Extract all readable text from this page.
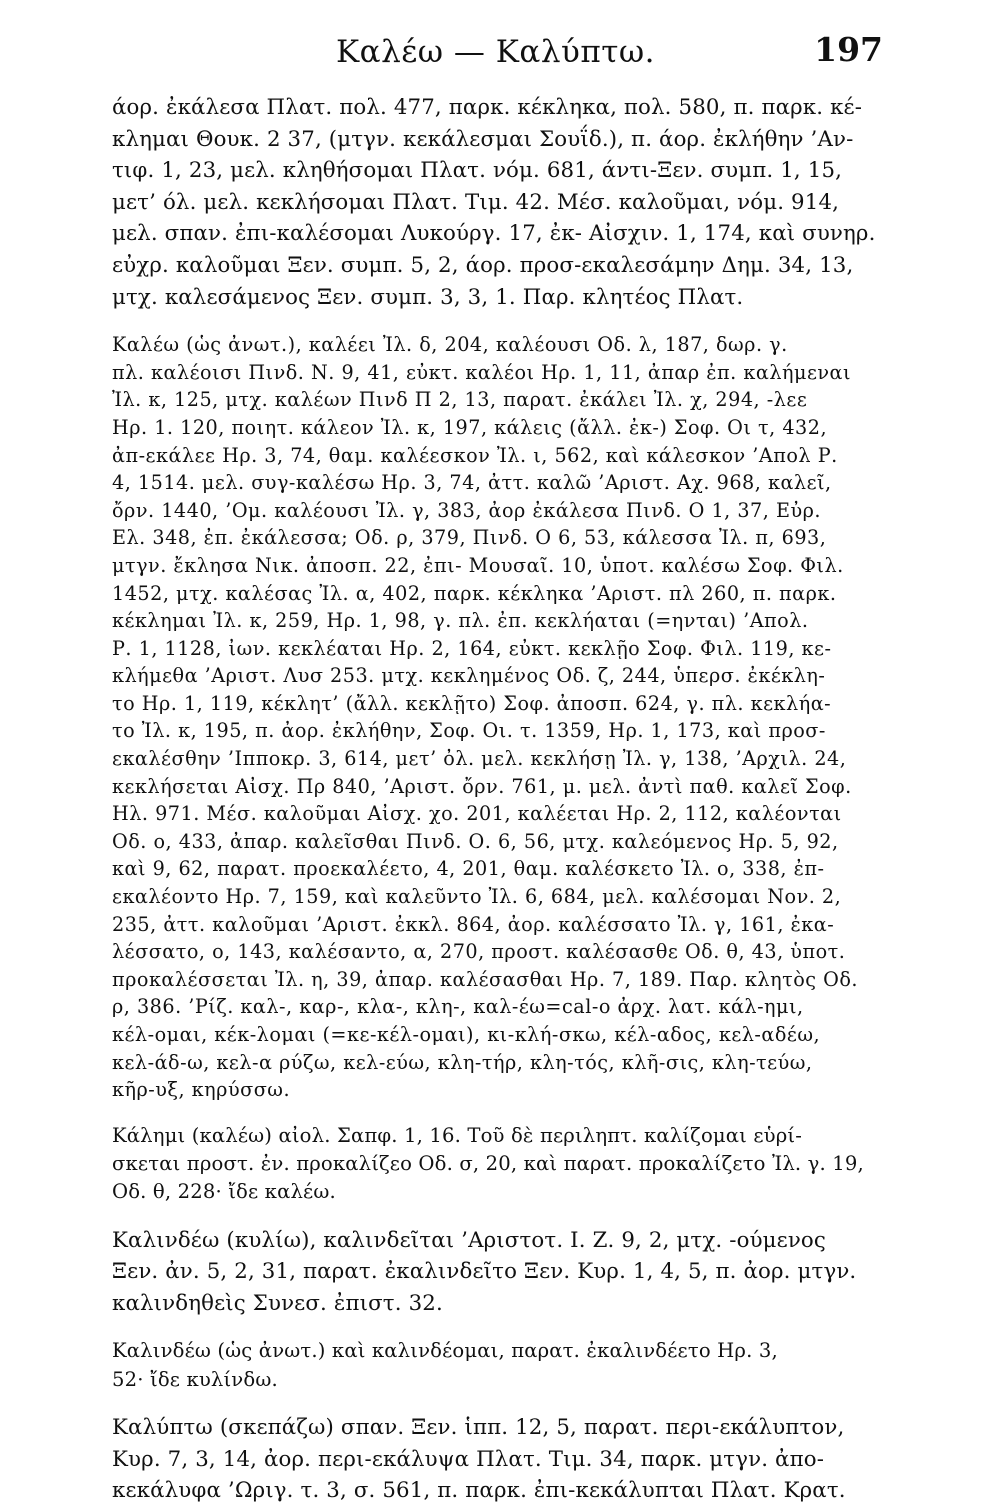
Καλέω — Καλύπτω.	197
άορ. ἐκάλεσα Πλατ. πολ. 477, παρκ. κέκληκα, πολ. 580, π. παρκ. κέ-
κλημαι Θουκ. 2 37, (μτγν. κεκάλεσμαι Σουΐδ.), π. άορ. ἐκλήθην ’Αν-
τιφ. 1, 23, μελ. κληθήσομαι Πλατ. νόμ. 681, άντι-Ξεν. συμπ. 1, 15,
μετ’ όλ. μελ. κεκλήσομαι Πλατ. Τιμ. 42. Μέσ. καλοῦμαι, νόμ. 914,
μελ. σπαν. ἐπι-καλέσομαι Λυκούργ. 17, ἐκ- Αἰσχιν. 1, 174, καὶ συνηρ.
εὐχρ. καλοῦμαι Ξεν. συμπ. 5, 2, άορ. προσ-εκαλεσάμην Δημ. 34, 13,
μτχ. καλεσάμενος Ξεν. συμπ. 3, 3, 1. Παρ. κλητέος Πλατ.
Καλέω (ὡς ἀνωτ.), καλέει Ἰλ. δ, 204, καλέουσι Οδ. λ, 187, δωρ. γ.
πλ. καλέοισι Πινδ. Ν. 9, 41, εὐκτ. καλέοι Ηρ. 1, 11, ἀπαρ ἐπ. καλήμεναι
Ἰλ. κ, 125, μτχ. καλέων Πινδ Π 2, 13, παρατ. ἐκάλει Ἰλ. χ, 294, -λεε
Ηρ. 1. 120, ποιητ. κάλεον Ἰλ. κ, 197, κάλεις (ἄλλ. ἐκ-) Σοφ. Οι τ, 432,
ἀπ-εκάλεε Ηρ. 3, 74, θαμ. καλέεσκον Ἰλ. ι, 562, καὶ κάλεσκον ’Απολ Ρ.
4, 1514. μελ. συγ-καλέσω Ηρ. 3, 74, ἀττ. καλῶ ’Αριστ. Αχ. 968, καλεῖ,
ὄρν. 1440, ’Ομ. καλέουσι Ἰλ. γ, 383, ἀορ ἐκάλεσα Πινδ. Ο 1, 37, Εὐρ.
Ελ. 348, ἐπ. ἐκάλεσσα; Οδ. ρ, 379, Πινδ. Ο 6, 53, κάλεσσα Ἰλ. π, 693,
μτγν. ἔκλησα Νικ. ἀποσπ. 22, ἐπι- Μουσαῖ. 10, ὑποτ. καλέσω Σοφ. Φιλ.
1452, μτχ. καλέσας Ἰλ. α, 402, παρκ. κέκληκα ’Αριστ. πλ 260, π. παρκ.
κέκλημαι Ἰλ. κ, 259, Ηρ. 1, 98, γ. πλ. ἐπ. κεκλήαται (=ηνται) ’Απολ.
Ρ. 1, 1128, ἰων. κεκλέαται Ηρ. 2, 164, εὐκτ. κεκλῇο Σοφ. Φιλ. 119, κε-
κλήμεθα ’Αριστ. Λυσ 253. μτχ. κεκλημένος Οδ. ζ, 244, ὑπερσ. ἐκέκλη-
το Ηρ. 1, 119, κέκλητ’ (ἄλλ. κεκλῇτο) Σοφ. ἀποσπ. 624, γ. πλ. κεκλήα-
το Ἰλ. κ, 195, π. ἀορ. ἐκλήθην, Σοφ. Οι. τ. 1359, Ηρ. 1, 173, καὶ προσ-
εκαλέσθην ’Ιπποκρ. 3, 614, μετ’ ὀλ. μελ. κεκλήσῃ Ἰλ. γ, 138, ’Αρχιλ. 24,
κεκλήσεται Αἰσχ. Πρ 840, ’Αριστ. ὄρν. 761, μ. μελ. ἀντὶ παθ. καλεῖ Σοφ.
Ηλ. 971. Μέσ. καλοῦμαι Αἰσχ. χο. 201, καλέεται Ηρ. 2, 112, καλέονται
Οδ. ο, 433, ἀπαρ. καλεῖσθαι Πινδ. Ο. 6, 56, μτχ. καλεόμενος Ηρ. 5, 92,
καὶ 9, 62, παρατ. προεκαλέετο, 4, 201, θαμ. καλέσκετο Ἰλ. ο, 338, ἐπ-
εκαλέοντο Ηρ. 7, 159, καὶ καλεῦντο Ἰλ. 6, 684, μελ. καλέσομαι Νον. 2,
235, ἀττ. καλοῦμαι ’Αριστ. ἐκκλ. 864, ἀορ. καλέσσατο Ἰλ. γ, 161, ἐκα-
λέσσατο, ο, 143, καλέσαντο, α, 270, προστ. καλέσασθε Οδ. θ, 43, ὑποτ.
προκαλέσσεται Ἰλ. η, 39, ἀπαρ. καλέσασθαι Ηρ. 7, 189. Παρ. κλητὸς Οδ.
ρ, 386. ’Ρίζ. καλ-, καρ-, κλα-, κλη-, καλ-έω=cal-o ἀρχ. λατ. κάλ-ημι,
κέλ-ομαι, κέκ-λομαι (=κε-κέλ-ομαι), κι-κλή-σκω, κέλ-αδος, κελ-αδέω,
κελ-άδ-ω, κελ-α ρύζω, κελ-εύω, κλη-τήρ, κλη-τός, κλῆ-σις, κλη-τεύω,
κῆρ-υξ, κηρύσσω.
Κάλημι (καλέω) αἰολ. Σαπφ. 1, 16. Τοῦ δὲ περιληπτ. καλίζομαι εὑρί-
σκεται προστ. ἐν. προκαλίζεο Οδ. σ, 20, καὶ παρατ. προκαλίζετο Ἰλ. γ. 19,
Οδ. θ, 228· ἴδε καλέω.
Καλινδέω (κυλίω), καλινδεῖται ’Αριστοτ. Ι. Ζ. 9, 2, μτχ. -ούμενος
Ξεν. ἀν. 5, 2, 31, παρατ. ἐκαλινδεῖτο Ξεν. Κυρ. 1, 4, 5, π. ἀορ. μτγν.
καλινδηθεὶς Συνεσ. ἐπιστ. 32.
Καλινδέω (ὡς ἀνωτ.) καὶ καλινδέομαι, παρατ. ἐκαλινδέετο Ηρ. 3,
52· ἴδε κυλίνδω.
Καλύπτω (σκεπάζω) σπαν. Ξεν. ἱππ. 12, 5, παρατ. περι-εκάλυπτον,
Κυρ. 7, 3, 14, ἀορ. περι-εκάλυψα Πλατ. Τιμ. 34, παρκ. μτγν. ἀπο-
κεκάλυφα ’Ωριγ. τ. 3, σ. 561, π. παρκ. ἐπι-κεκάλυπται Πλατ. Κρατ.
